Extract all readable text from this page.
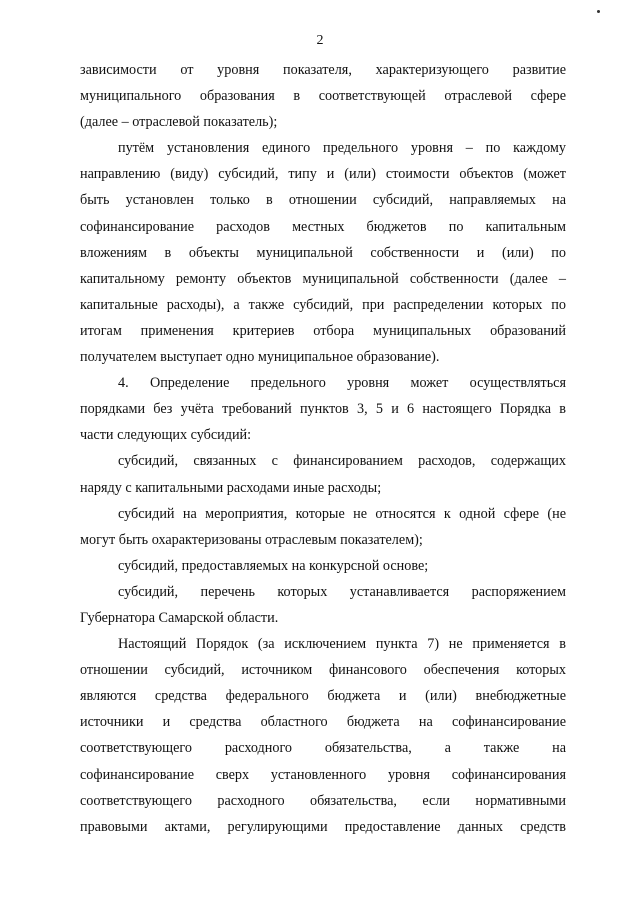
2
зависимости от уровня показателя, характеризующего развитие
муниципального образования в соответствующей отраслевой сфере
(далее – отраслевой показатель);
путём установления единого предельного уровня – по каждому
направлению (виду) субсидий, типу и (или) стоимости объектов (может
быть установлен только в отношении субсидий, направляемых на
софинансирование расходов местных бюджетов по капитальным
вложениям в объекты муниципальной собственности и (или) по
капитальному ремонту объектов муниципальной собственности (далее –
капитальные расходы), а также субсидий, при распределении которых по
итогам применения критериев отбора муниципальных образований
получателем выступает одно муниципальное образование).
4. Определение предельного уровня может осуществляться
порядками без учёта требований пунктов 3, 5 и 6 настоящего Порядка в
части следующих субсидий:
субсидий, связанных с финансированием расходов, содержащих
наряду с капитальными расходами иные расходы;
субсидий на мероприятия, которые не относятся к одной сфере (не
могут быть охарактеризованы отраслевым показателем);
субсидий, предоставляемых на конкурсной основе;
субсидий, перечень которых устанавливается распоряжением
Губернатора Самарской области.
Настоящий Порядок (за исключением пункта 7) не применяется в
отношении субсидий, источником финансового обеспечения которых
являются средства федерального бюджета и (или) внебюджетные
источники и средства областного бюджета на софинансирование
соответствующего расходного обязательства, а также на
софинансирование сверх установленного уровня софинансирования
соответствующего расходного обязательства, если нормативными
правовыми актами, регулирующими предоставление данных средств
